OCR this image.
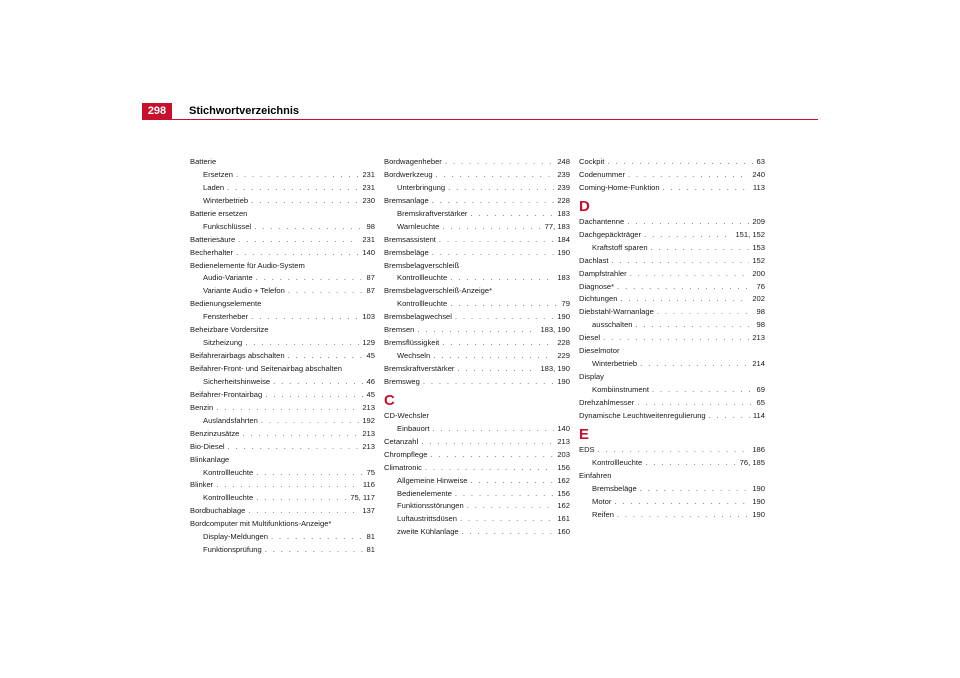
298	Stichwortverzeichnis
Batterie
Ersetzen . . .	231
Laden . . .	231
Winterbetrieb . . .	230
Batterie ersetzen
Funkschlüssel . . .	98
Batteriesäure . . .	231
Becherhalter . . .	140
Bedienelemente für Audio-System
Audio-Variante . . .	87
Variante Audio + Telefon . . .	87
Bedienungselemente
Fensterheber . . .	103
Beheizbare Vordersitze
Sitzheizung . . .	129
Beifahrerairbags abschalten . . .	45
Beifahrer-Front- und Seitenairbag abschalten
Sicherheitshinweise . . .	46
Beifahrer-Frontairbag . . .	45
Benzin . . .	213
Auslandsfahrten . . .	192
Benzinzusätze . . .	213
Bio-Diesel . . .	213
Blinkanlage
Kontrollleuchte . . .	75
Blinker . . .	116
Kontrollleuchte . . .	75, 117
Bordbuchablage . . .	137
Bordcomputer mit Multifunktions-Anzeige*
Display-Meldungen . . .	81
Funktionsprüfung . . .	81
Bordwagenheber . . .	248
Bordwerkzeug . . .	239
Unterbringung . . .	239
Bremsanlage . . .	228
Bremskraftverstärker . . .	183
Warnleuchte . . .	77, 183
Bremsassistent . . .	184
Bremsbeläge . . .	190
Bremsbelagverschleiß
Kontrollleuchte . . .	183
Bremsbelagverschleiß-Anzeige*
Kontrollleuchte . . .	79
Bremsbelagwechsel . . .	190
Bremsen . . .	183, 190
Bremsflüssigkeit . . .	228
Wechseln . . .	229
Bremskraftverstärker . . .	183, 190
Bremsweg . . .	190
C
CD-Wechsler
Einbauort . . .	140
Cetanzahl . . .	213
Chrompflege . . .	203
Climatronic . . .	156
Allgemeine Hinweise . . .	162
Bedienelemente . . .	156
Funktionsstörungen . . .	162
Luftaustrittsdüsen . . .	161
zweite Kühlanlage . . .	160
Cockpit . . .	63
Codenummer . . .	240
Coming-Home-Funktion . . .	113
D
Dachantenne . . .	209
Dachgepäckträger . . .	151, 152
Kraftstoff sparen . . .	153
Dachlast . . .	152
Dampfstrahler . . .	200
Diagnose* . . .	76
Dichtungen . . .	202
Diebstahl-Warnanlage . . .	98
ausschalten . . .	98
Diesel . . .	213
Dieselmotor
Winterbetrieb . . .	214
Display
Kombiinstrument . . .	69
Drehzahlmesser . . .	65
Dynamische Leuchtweitenregulierung . . .	114
E
EDS . . .	186
Kontrollleuchte . . .	76, 185
Einfahren
Bremsbeläge . . .	190
Motor . . .	190
Reifen . . .	190
